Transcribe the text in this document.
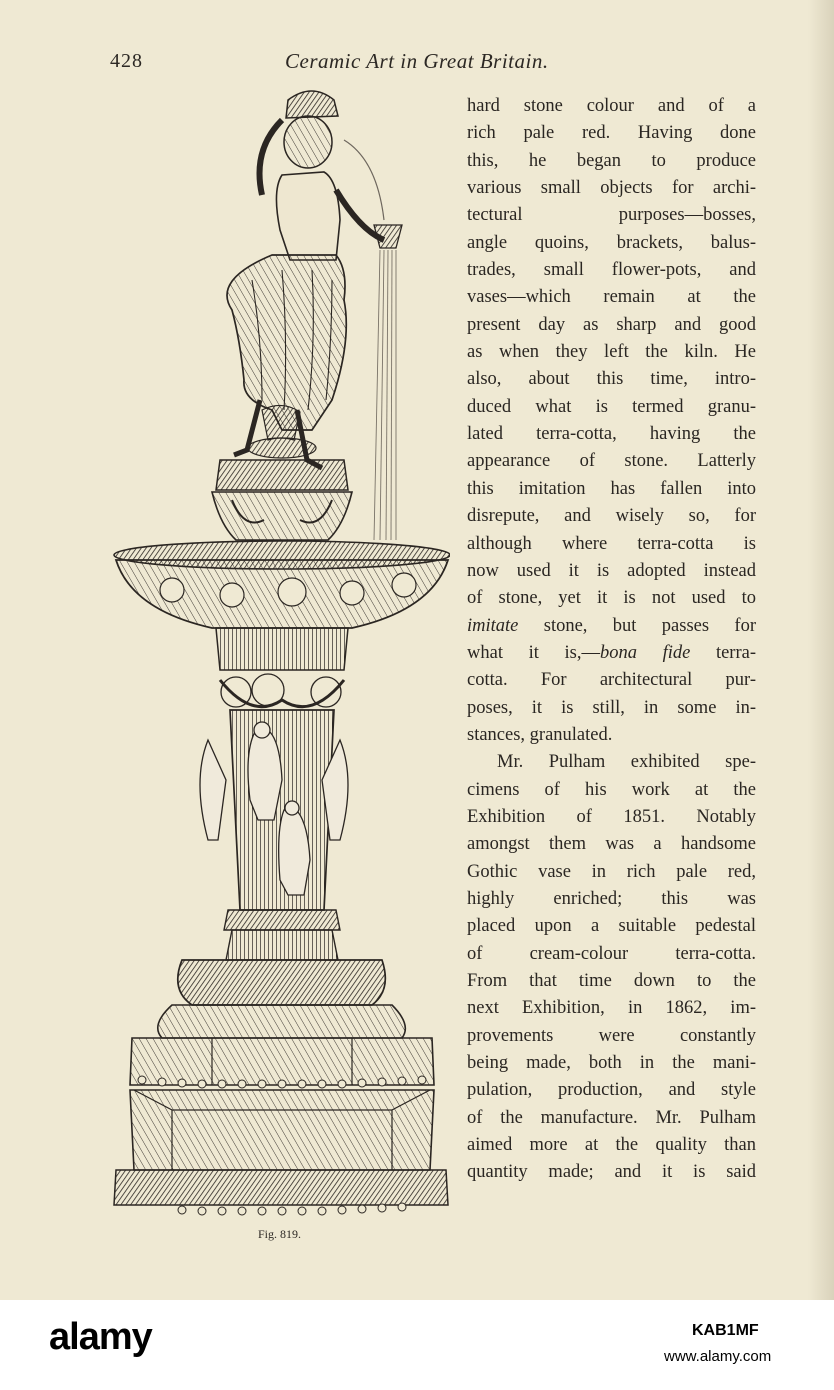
428	Ceramic Art in Great Britain.
Fig. 819.
hard stone colour and of a
rich pale red. Having done
this, he began to produce
various small objects for archi-
tectural purposes—bosses,
angle quoins, brackets, balus-
trades, small flower-pots, and
vases—which remain at the
present day as sharp and good
as when they left the kiln. He
also, about this time, intro-
duced what is termed granu-
lated terra-cotta, having the
appearance of stone. Latterly
this imitation has fallen into
disrepute, and wisely so, for
although where terra-cotta is
now used it is adopted instead
of stone, yet it is not used to
imitate stone, but passes for
what it is,—bona fide terra-
cotta. For architectural pur-
poses, it is still, in some in-
stances, granulated.
Mr. Pulham exhibited spe-
cimens of his work at the
Exhibition of 1851. Notably
amongst them was a handsome
Gothic vase in rich pale red,
highly enriched; this was
placed upon a suitable pedestal
of cream-colour terra-cotta.
From that time down to the
next Exhibition, in 1862, im-
provements were constantly
being made, both in the mani-
pulation, production, and style
of the manufacture. Mr. Pulham
aimed more at the quality than
quantity made; and it is said
alamy	KAB1MF
www.alamy.com
